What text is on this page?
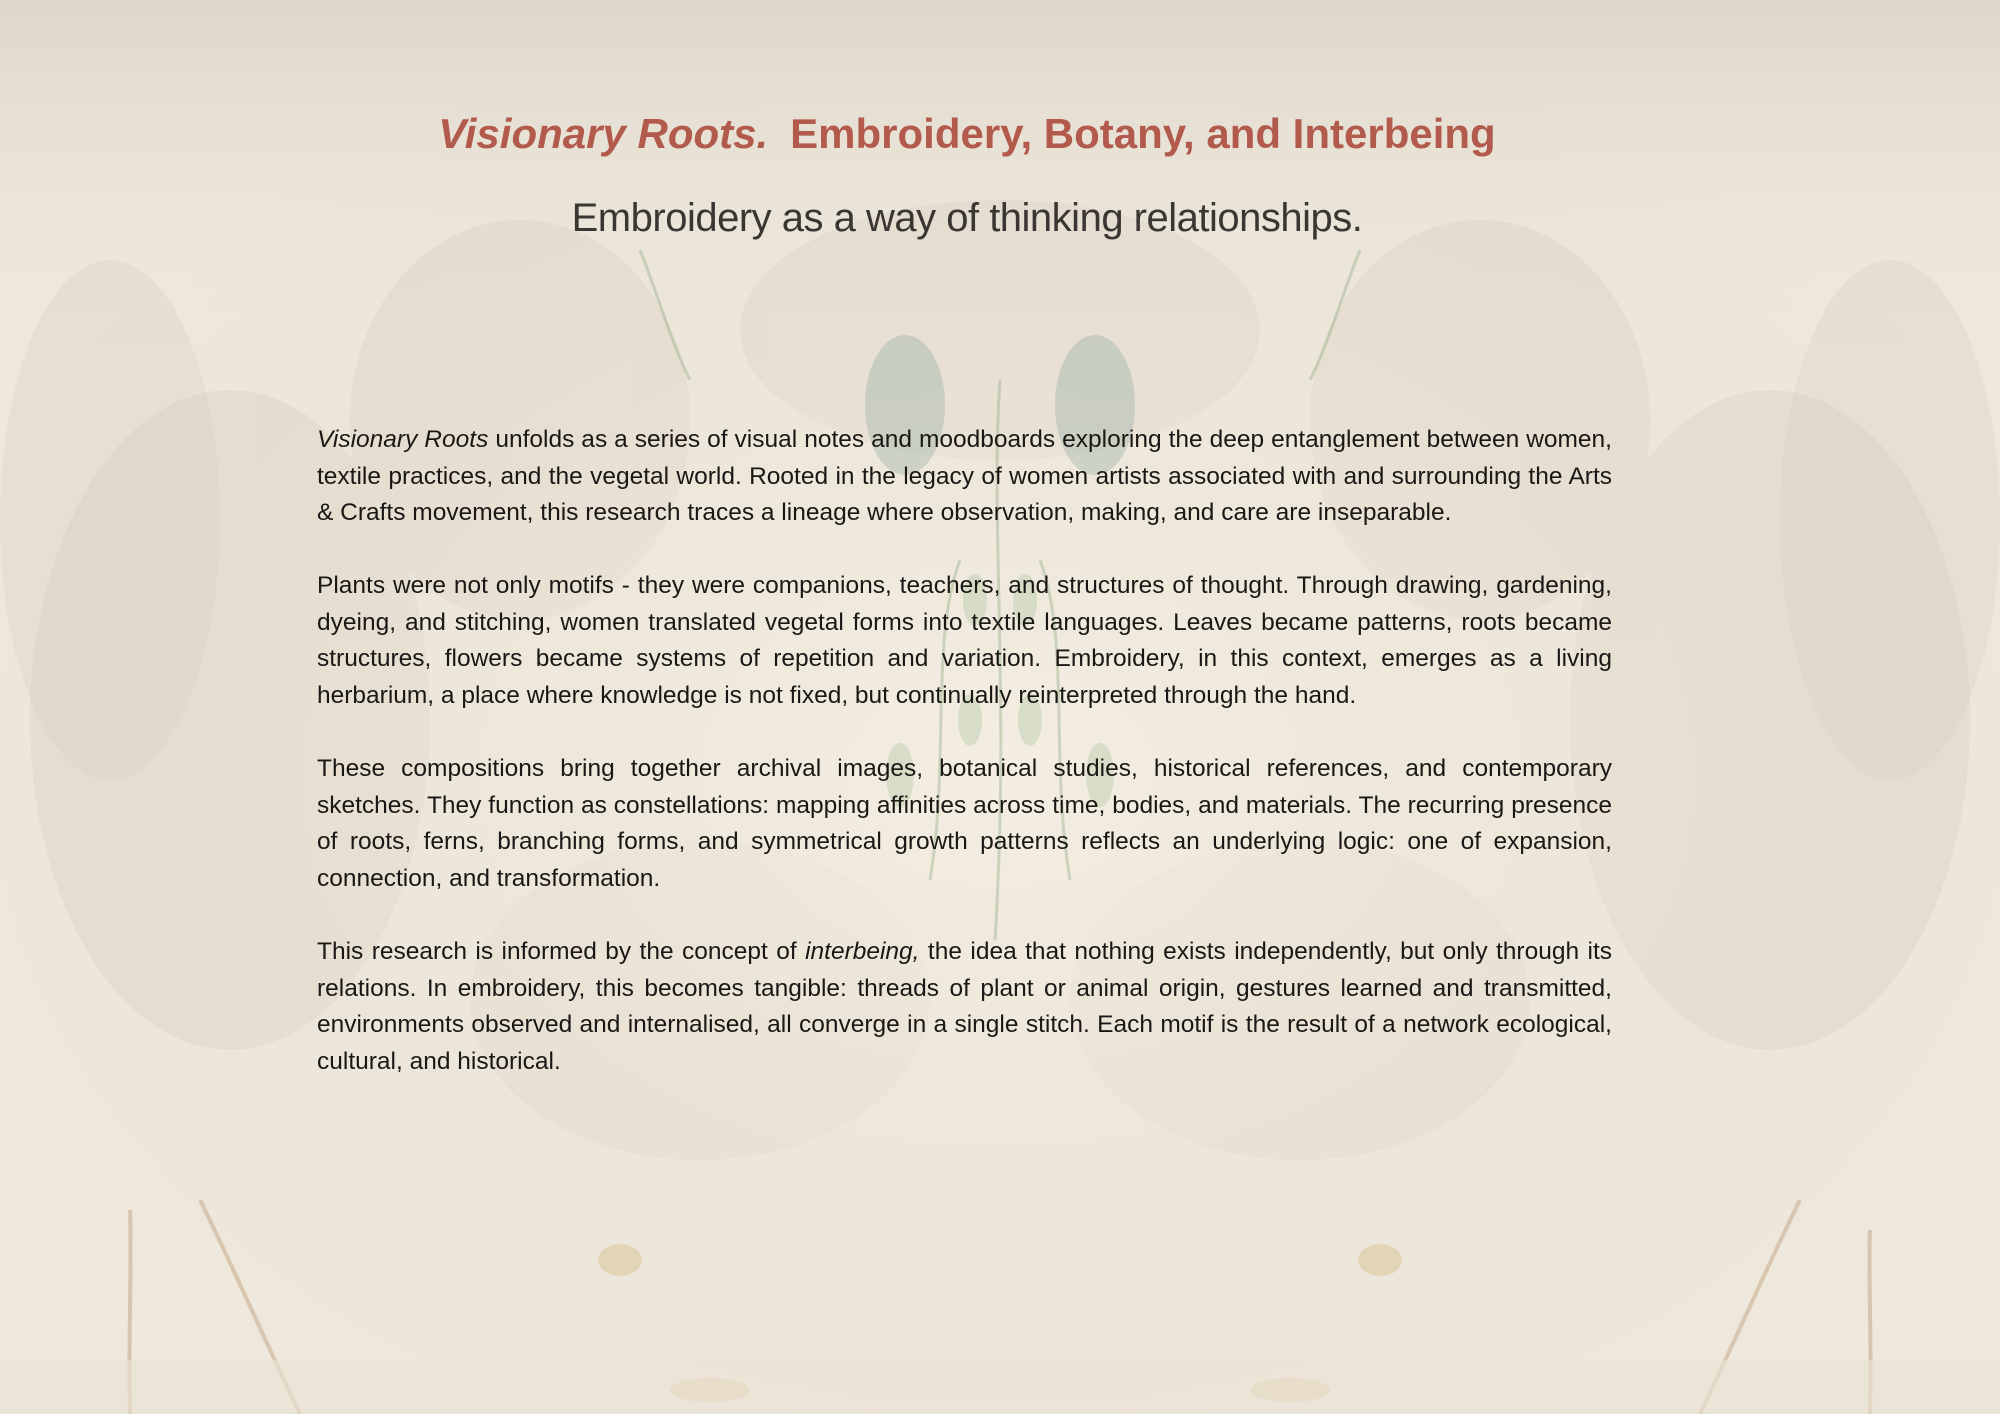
Visionary Roots. Embroidery, Botany, and Interbeing
Embroidery as a way of thinking relationships.

Visionary Roots unfolds as a series of visual notes and moodboards exploring the deep entanglement between women, textile practices, and the vegetal world. Rooted in the legacy of women artists associated with and surrounding the Arts & Crafts movement, this research traces a lineage where observation, making, and care are inseparable.

Plants were not only motifs - they were companions, teachers, and structures of thought. Through drawing, gardening, dyeing, and stitching, women translated vegetal forms into textile languages. Leaves became patterns, roots became structures, flowers became systems of repetition and variation. Embroidery, in this context, emerges as a living herbarium, a place where knowledge is not fixed, but continually reinterpreted through the hand.

These compositions bring together archival images, botanical studies, historical references, and contemporary sketches. They function as constellations: mapping affinities across time, bodies, and materials. The recurring presence of roots, ferns, branching forms, and symmetrical growth patterns reflects an underlying logic: one of expansion, connection, and transformation.

This research is informed by the concept of interbeing, the idea that nothing exists independently, but only through its relations. In embroidery, this becomes tangible: threads of plant or animal origin, gestures learned and transmitted, environments observed and internalised, all converge in a single stitch. Each motif is the result of a network ecological, cultural, and historical.
